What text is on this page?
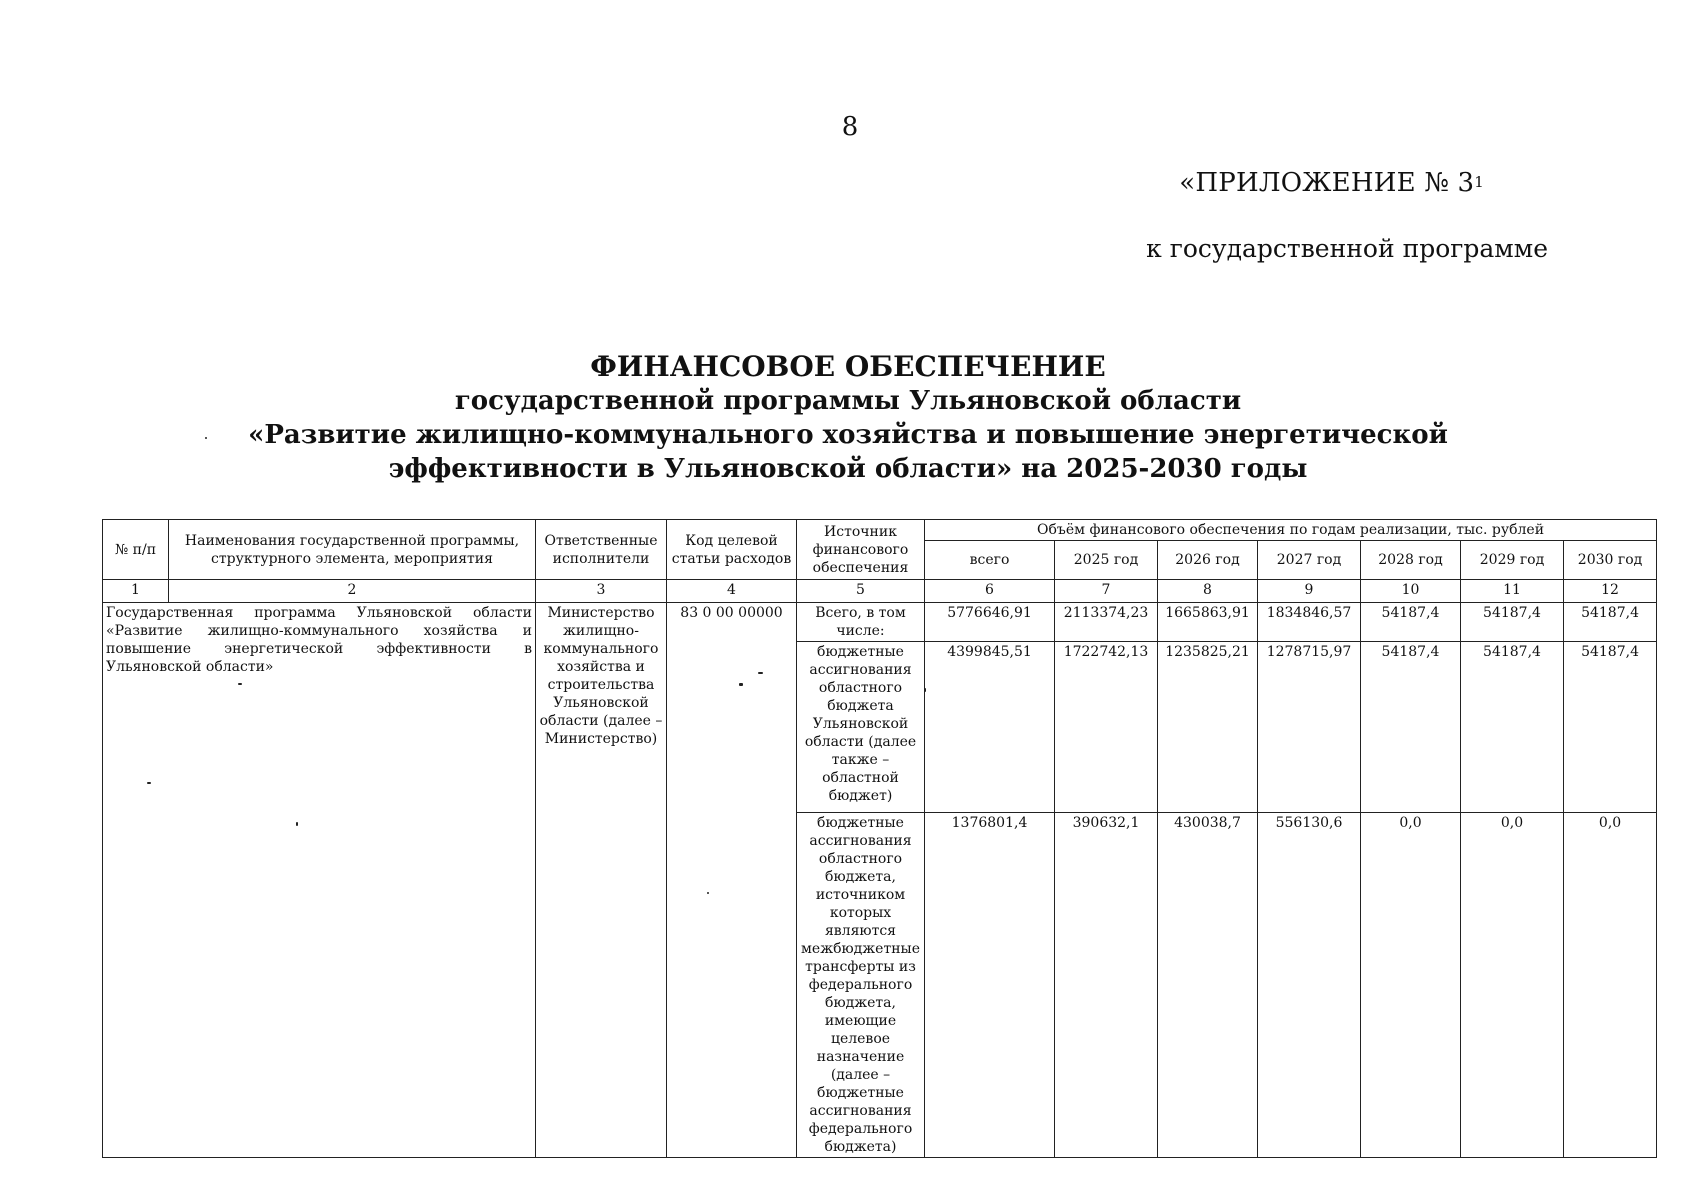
8
«ПРИЛОЖЕНИЕ № $3^1$
к государственной программе
ФИНАНСОВОЕ ОБЕСПЕЧЕНИЕ
государственной программы Ульяновской области
«Развитие жилищно-коммунального хозяйства и повышение энергетической
эффективности в Ульяновской области» на 2025-2030 годы
№ п/п	Наименования государственной программы, структурного элемента, мероприятия	Ответственные исполнители	Код целевой статьи расходов	Источник финансового обеспечения	Объём финансового обеспечения по годам реализации, тыс. рублей						
					всего	2025 год	2026 год	2027 год	2028 год	2029 год	2030 год
1	2	3	4	5	6	7	8	9	10	11	12
Государственная программа Ульяновской области «Развитие жилищно-коммунального хозяйства и повышение энергетической эффективности в Ульяновской области»		Министерство жилищно-коммунального хозяйства и строительства Ульяновской области (далее – Министерство)	83 0 00 00000	Всего, в том числе:	5776646,91	2113374,23	1665863,91	1834846,57	54187,4	54187,4	54187,4
				бюджетные ассигнования областного бюджета Ульяновской области (далее также – областной бюджет)	4399845,51	1722742,13	1235825,21	1278715,97	54187,4	54187,4	54187,4
				бюджетные ассигнования областного бюджета, источником которых являются межбюджетные трансферты из федерального бюджета, имеющие целевое назначение (далее – бюджетные ассигнования федерального бюджета)	1376801,4	390632,1	430038,7	556130,6	0,0	0,0	0,0
